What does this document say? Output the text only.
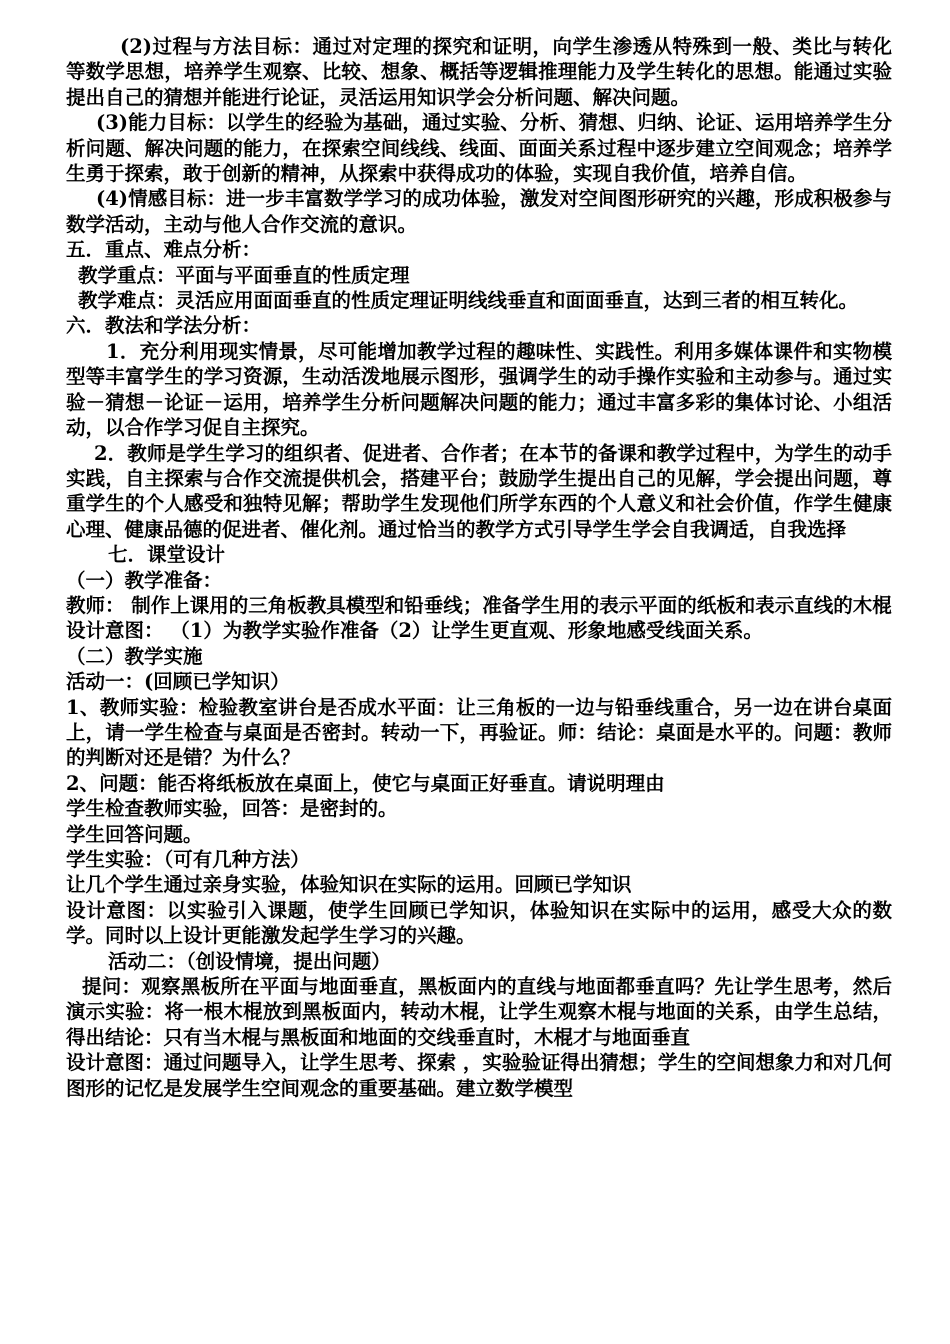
(2)过程与方法目标：通过对定理的探究和证明，向学生渗透从特殊到一般、类比与转化等数学思想，培养学生观察、比较、想象、概括等逻辑推理能力及学生转化的思想。能通过实验提出自己的猜想并能进行论证，灵活运用知识学会分析问题、解决问题。

(3)能力目标：以学生的经验为基础，通过实验、分析、猜想、归纳、论证、运用培养学生分析问题、解决问题的能力，在探索空间线线、线面、面面关系过程中逐步建立空间观念；培养学生勇于探索，敢于创新的精神，从探索中获得成功的体验，实现自我价值，培养自信。

(4)情感目标：进一步丰富数学学习的成功体验，激发对空间图形研究的兴趣，形成积极参与数学活动，主动与他人合作交流的意识。

五．重点、难点分析：

教学重点：平面与平面垂直的性质定理

教学难点：灵活应用面面垂直的性质定理证明线线垂直和面面垂直，达到三者的相互转化。

六．教法和学法分析：

1．充分利用现实情景，尽可能增加教学过程的趣味性、实践性。利用多媒体课件和实物模型等丰富学生的学习资源，生动活泼地展示图形，强调学生的动手操作实验和主动参与。通过实验－猜想－论证－运用，培养学生分析问题解决问题的能力；通过丰富多彩的集体讨论、小组活动，以合作学习促自主探究。

2．教师是学生学习的组织者、促进者、合作者；在本节的备课和教学过程中，为学生的动手实践，自主探索与合作交流提供机会，搭建平台；鼓励学生提出自己的见解，学会提出问题，尊重学生的个人感受和独特见解；帮助学生发现他们所学东西的个人意义和社会价值，作学生健康心理、健康品德的促进者、催化剂。通过恰当的教学方式引导学生学会自我调适，自我选择

七．课堂设计

（一）教学准备：

教师： 制作上课用的三角板教具模型和铅垂线；准备学生用的表示平面的纸板和表示直线的木棍

设计意图： （1）为教学实验作准备（2）让学生更直观、形象地感受线面关系。

（二）教学实施

活动一：(回顾已学知识）

1、教师实验：检验教室讲台是否成水平面：让三角板的一边与铅垂线重合，另一边在讲台桌面上，请一学生检查与桌面是否密封。转动一下，再验证。师：结论：桌面是水平的。问题：教师的判断对还是错？为什么？

2、问题：能否将纸板放在桌面上，使它与桌面正好垂直。请说明理由

学生检查教师实验，回答：是密封的。

学生回答问题。

学生实验：（可有几种方法）

让几个学生通过亲身实验，体验知识在实际的运用。回顾已学知识

设计意图：以实验引入课题，使学生回顾已学知识，体验知识在实际中的运用，感受大众的数学。同时以上设计更能激发起学生学习的兴趣。

活动二：（创设情境，提出问题）

提问：观察黑板所在平面与地面垂直，黑板面内的直线与地面都垂直吗？先让学生思考，然后演示实验：将一根木棍放到黑板面内，转动木棍，让学生观察木棍与地面的关系，由学生总结，得出结论：只有当木棍与黑板面和地面的交线垂直时，木棍才与地面垂直

设计意图：通过问题导入，让学生思考、探索 ，实验验证得出猜想；学生的空间想象力和对几何图形的记忆是发展学生空间观念的重要基础。建立数学模型
